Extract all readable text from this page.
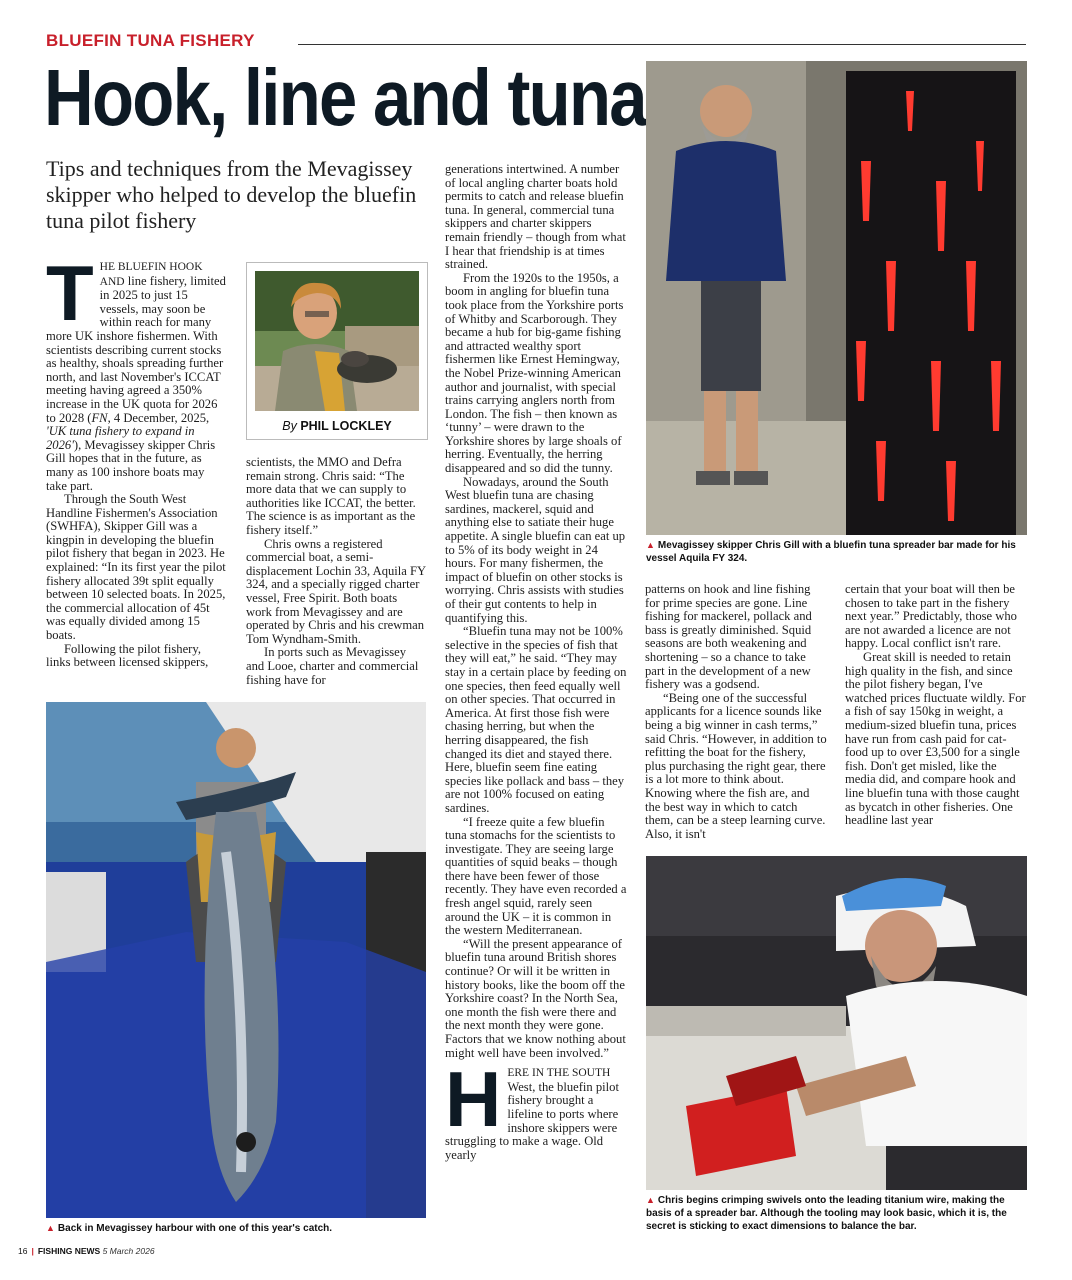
BLUEFIN TUNA FISHERY
Hook, line and tuna
Tips and techniques from the Mevagissey skipper who helped to develop the bluefin tuna pilot fishery

THE BLUEFIN HOOK AND line fishery, limited in 2025 to just 15 vessels, may soon be within reach for many more UK inshore fishermen. With scientists describing current stocks as healthy, shoals spreading further north, and last November's ICCAT meeting having agreed a 350% increase in the UK quota for 2026 to 2028 (FN, 4 December, 2025, 'UK tuna fishery to expand in 2026'), Mevagissey skipper Chris Gill hopes that in the future, as many as 100 inshore boats may take part.

Through the South West Handline Fishermen's Association (SWHFA), Skipper Gill was a kingpin in developing the bluefin pilot fishery that began in 2023. He explained: “In its first year the pilot fishery allocated 39t split equally between 10 selected boats. In 2025, the commercial allocation of 45t was equally divided among 15 boats.

Following the pilot fishery, links between licensed skippers,

By PHIL LOCKLEY

scientists, the MMO and Defra remain strong. Chris said: “The more data that we can supply to authorities like ICCAT, the better. The science is as important as the fishery itself.”

Chris owns a registered commercial boat, a semi-displacement Lochin 33, Aquila FY 324, and a specially rigged charter vessel, Free Spirit. Both boats work from Mevagissey and are operated by Chris and his crewman Tom Wyndham-Smith.

In ports such as Mevagissey and Looe, charter and commercial fishing have for

▲ Back in Mevagissey harbour with one of this year's catch.

generations intertwined. A number of local angling charter boats hold permits to catch and release bluefin tuna. In general, commercial tuna skippers and charter skippers remain friendly – though from what I hear that friendship is at times strained.

From the 1920s to the 1950s, a boom in angling for bluefin tuna took place from the Yorkshire ports of Whitby and Scarborough. They became a hub for big-game fishing and attracted wealthy sport fishermen like Ernest Hemingway, the Nobel Prize-winning American author and journalist, with special trains carrying anglers north from London. The fish – then known as ‘tunny’ – were drawn to the Yorkshire shores by large shoals of herring. Eventually, the herring disappeared and so did the tunny.

Nowadays, around the South West bluefin tuna are chasing sardines, mackerel, squid and anything else to satiate their huge appetite. A single bluefin can eat up to 5% of its body weight in 24 hours. For many fishermen, the impact of bluefin on other stocks is worrying. Chris assists with studies of their gut contents to help in quantifying this.

“Bluefin tuna may not be 100% selective in the species of fish that they will eat,” he said. “They may stay in a certain place by feeding on one species, then feed equally well on other species. That occurred in America. At first those fish were chasing herring, but when the herring disappeared, the fish changed its diet and stayed there. Here, bluefin seem fine eating species like pollack and bass – they are not 100% focused on eating sardines.

“I freeze quite a few bluefin tuna stomachs for the scientists to investigate. They are seeing large quantities of squid beaks – though there have been fewer of those recently. They have even recorded a fresh angel squid, rarely seen around the UK – it is common in the western Mediterranean.

“Will the present appearance of bluefin tuna around British shores continue? Or will it be written in history books, like the boom off the Yorkshire coast? In the North Sea, one month the fish were there and the next month they were gone. Factors that we know nothing about might well have been involved.”

HERE IN THE SOUTH West, the bluefin pilot fishery brought a lifeline to ports where inshore skippers were struggling to make a wage. Old yearly

▲ Mevagissey skipper Chris Gill with a bluefin tuna spreader bar made for his vessel Aquila FY 324.

patterns on hook and line fishing for prime species are gone. Line fishing for mackerel, pollack and bass is greatly diminished. Squid seasons are both weakening and shortening – so a chance to take part in the development of a new fishery was a godsend.

“Being one of the successful applicants for a licence sounds like being a big winner in cash terms,” said Chris. “However, in addition to refitting the boat for the fishery, plus purchasing the right gear, there is a lot more to think about. Knowing where the fish are, and the best way in which to catch them, can be a steep learning curve. Also, it isn't

certain that your boat will then be chosen to take part in the fishery next year.” Predictably, those who are not awarded a licence are not happy. Local conflict isn't rare.

Great skill is needed to retain high quality in the fish, and since the pilot fishery began, I've watched prices fluctuate wildly. For a fish of say 150kg in weight, a medium-sized bluefin tuna, prices have run from cash paid for cat-food up to over £3,500 for a single fish. Don't get misled, like the media did, and compare hook and line bluefin tuna with those caught as bycatch in other fisheries. One headline last year

▲ Chris begins crimping swivels onto the leading titanium wire, making the basis of a spreader bar. Although the tooling may look basic, which it is, the secret is sticking to exact dimensions to balance the bar.
16 | FISHING NEWS 5 March 2026
